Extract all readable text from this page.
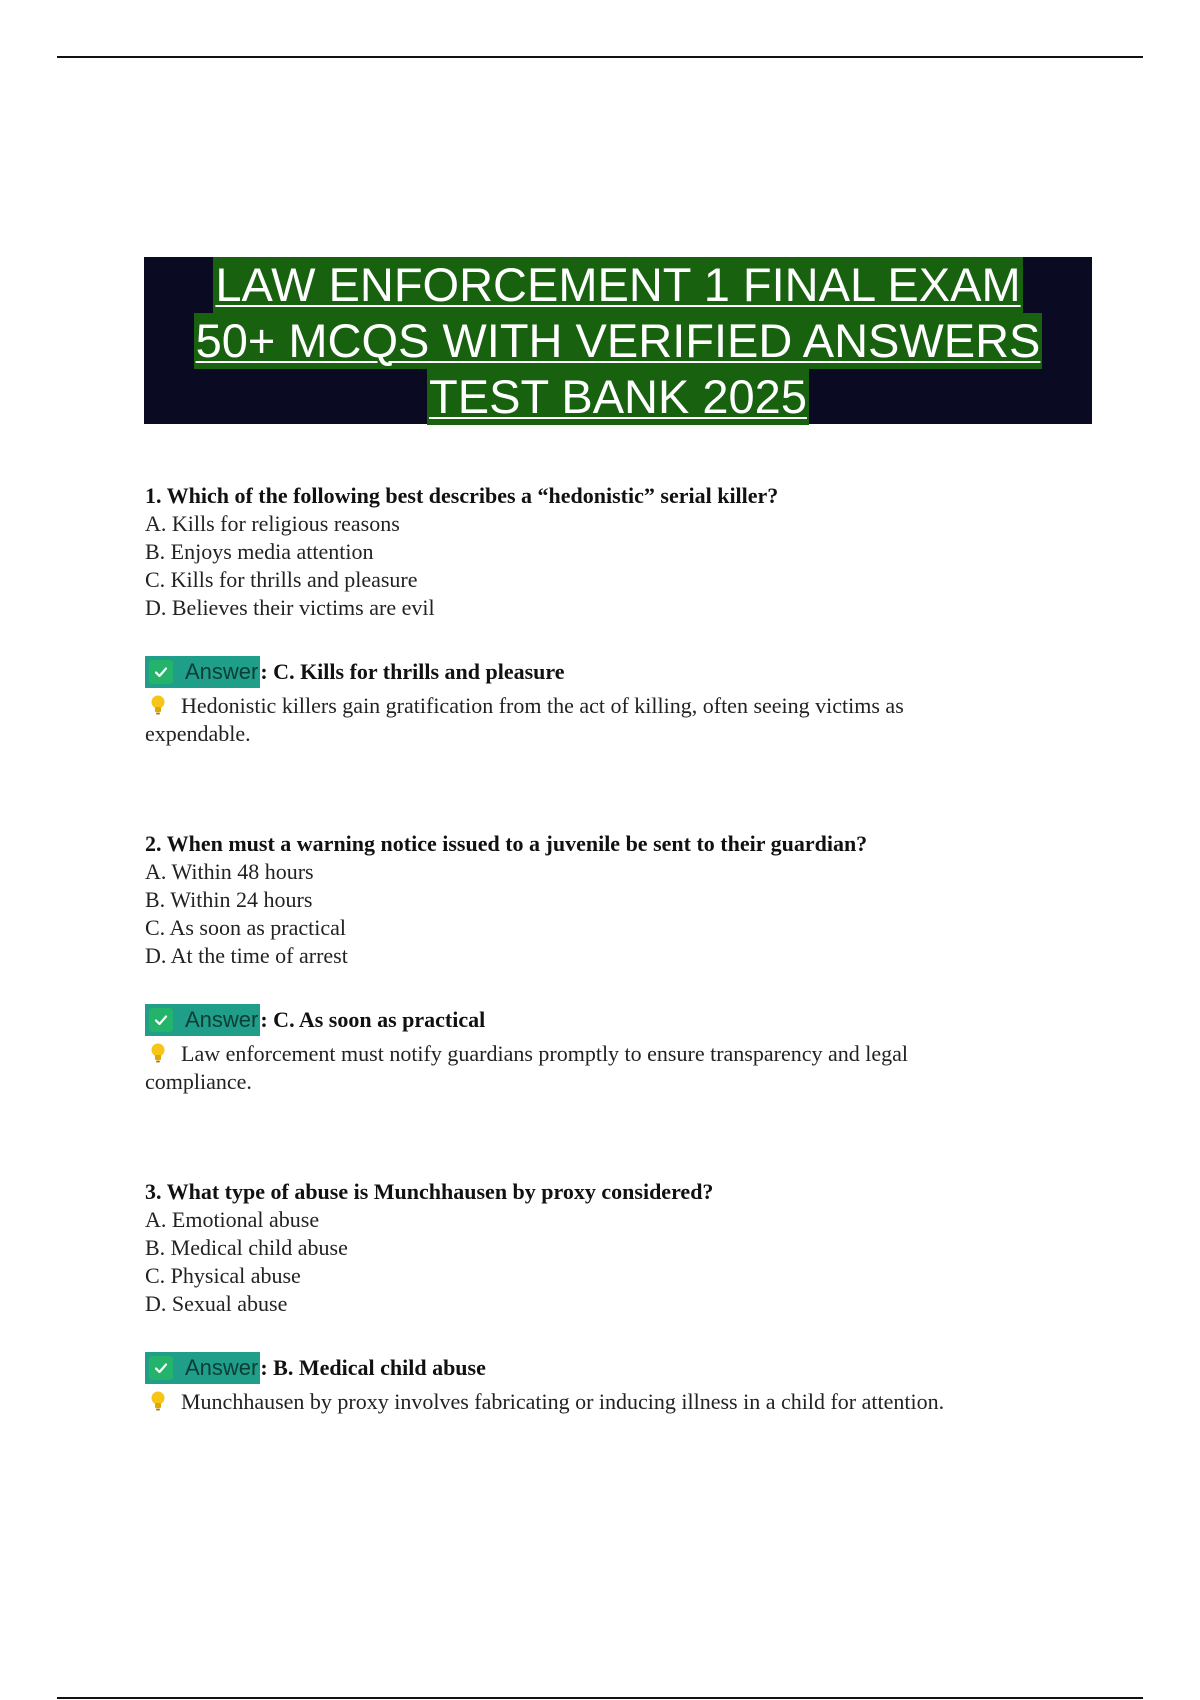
LAW ENFORCEMENT 1 FINAL EXAM
50+ MCQS WITH VERIFIED ANSWERS
TEST BANK 2025
1. Which of the following best describes a “hedonistic” serial killer?
A. Kills for religious reasons
B. Enjoys media attention
C. Kills for thrills and pleasure
D. Believes their victims are evil
Answer : C. Kills for thrills and pleasure
Hedonistic killers gain gratification from the act of killing, often seeing victims as expendable.
2. When must a warning notice issued to a juvenile be sent to their guardian?
A. Within 48 hours
B. Within 24 hours
C. As soon as practical
D. At the time of arrest
Answer : C. As soon as practical
Law enforcement must notify guardians promptly to ensure transparency and legal compliance.
3. What type of abuse is Munchhausen by proxy considered?
A. Emotional abuse
B. Medical child abuse
C. Physical abuse
D. Sexual abuse
Answer : B. Medical child abuse
Munchhausen by proxy involves fabricating or inducing illness in a child for attention.
